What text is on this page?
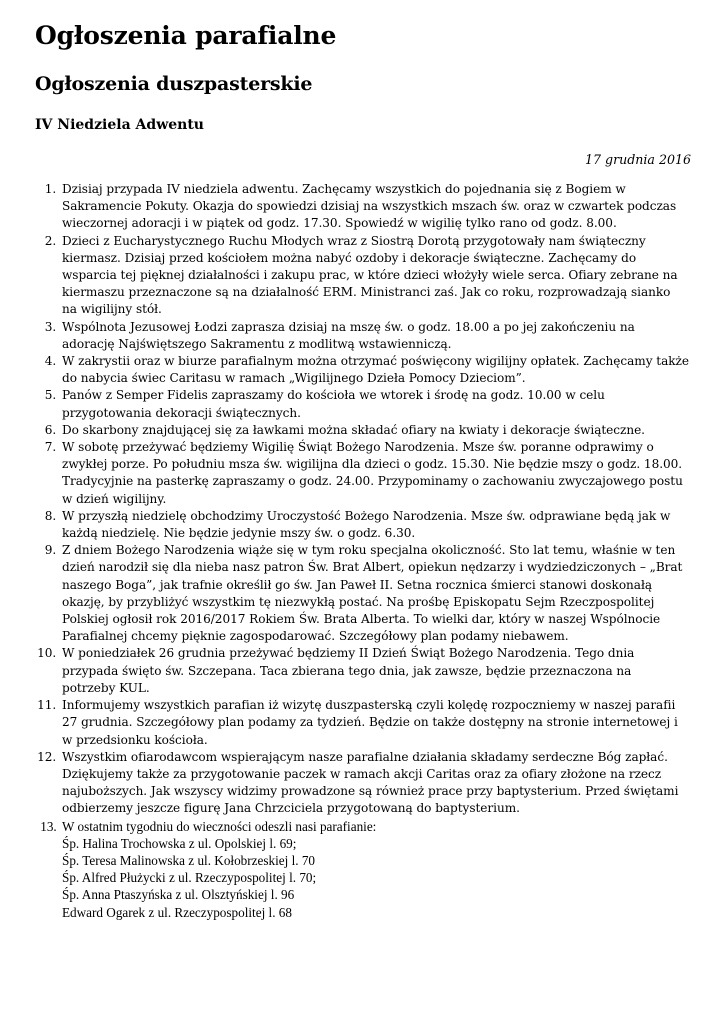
Ogłoszenia parafialne
Ogłoszenia duszpasterskie
IV Niedziela Adwentu
17 grudnia 2016
1. Dzisiaj przypada IV niedziela adwentu. Zachęcamy wszystkich do pojednania się z Bogiem w
Sakramencie Pokuty. Okazja do spowiedzi dzisiaj na wszystkich mszach św. oraz w czwartek podczas
wieczornej adoracji i w piątek od godz. 17.30. Spowiedź w wigilię tylko rano od godz. 8.00.
2. Dzieci z Eucharystycznego Ruchu Młodych wraz z Siostrą Dorotą przygotowały nam świąteczny
kiermasz. Dzisiaj przed kościołem można nabyć ozdoby i dekoracje świąteczne. Zachęcamy do
wsparcia tej pięknej działalności i zakupu prac, w które dzieci włożyły wiele serca. Ofiary zebrane na
kiermaszu przeznaczone są na działalność ERM. Ministranci zaś. Jak co roku, rozprowadzają sianko
na wigilijny stół.
3. Wspólnota Jezusowej Łodzi zaprasza dzisiaj na mszę św. o godz. 18.00 a po jej zakończeniu na
adorację Najświętszego Sakramentu z modlitwą wstawienniczą.
4. W zakrystii oraz w biurze parafialnym można otrzymać poświęcony wigilijny opłatek. Zachęcamy także
do nabycia świec Caritasu w ramach „Wigilijnego Dzieła Pomocy Dzieciom”.
5. Panów z Semper Fidelis zapraszamy do kościoła we wtorek i środę na godz. 10.00 w celu
przygotowania dekoracji świątecznych.
6. Do skarbony znajdującej się za ławkami można składać ofiary na kwiaty i dekoracje świąteczne.
7. W sobotę przeżywać będziemy Wigilię Świąt Bożego Narodzenia. Msze św. poranne odprawimy o
zwykłej porze. Po południu msza św. wigilijna dla dzieci o godz. 15.30. Nie będzie mszy o godz. 18.00.
Tradycyjnie na pasterkę zapraszamy o godz. 24.00. Przypominamy o zachowaniu zwyczajowego postu
w dzień wigilijny.
8. W przyszłą niedzielę obchodzimy Uroczystość Bożego Narodzenia. Msze św. odprawiane będą jak w
każdą niedzielę. Nie będzie jedynie mszy św. o godz. 6.30.
9. Z dniem Bożego Narodzenia wiąże się w tym roku specjalna okoliczność. Sto lat temu, właśnie w ten
dzień narodził się dla nieba nasz patron Św. Brat Albert, opiekun nędzarzy i wydziedziczonych – „Brat
naszego Boga”, jak trafnie określił go św. Jan Paweł II. Setna rocznica śmierci stanowi doskonałą
okazję, by przybliżyć wszystkim tę niezwykłą postać. Na prośbę Episkopatu Sejm Rzeczpospolitej
Polskiej ogłosił rok 2016/2017 Rokiem Św. Brata Alberta. To wielki dar, który w naszej Wspólnocie
Parafialnej chcemy pięknie zagospodarować. Szczegółowy plan podamy niebawem.
10. W poniedziałek 26 grudnia przeżywać będziemy II Dzień Świąt Bożego Narodzenia. Tego dnia
przypada święto św. Szczepana. Taca zbierana tego dnia, jak zawsze, będzie przeznaczona na
potrzeby KUL.
11. Informujemy wszystkich parafian iż wizytę duszpasterską czyli kolędę rozpoczniemy w naszej parafii
27 grudnia. Szczegółowy plan podamy za tydzień. Będzie on także dostępny na stronie internetowej i
w przedsionku kościoła.
12. Wszystkim ofiarodawcom wspierającym nasze parafialne działania składamy serdeczne Bóg zapłać.
Dziękujemy także za przygotowanie paczek w ramach akcji Caritas oraz za ofiary złożone na rzecz
najuboższych. Jak wszyscy widzimy prowadzone są również prace przy baptysterium. Przed świętami
odbierzemy jeszcze figurę Jana Chrzciciela przygotowaną do baptysterium.
13. W ostatnim tygodniu do wieczności odeszli nasi parafianie:
Śp. Halina Trochowska z ul. Opolskiej l. 69;
Śp. Teresa Malinowska z ul. Kołobrzeskiej l. 70
Śp. Alfred Płużycki z ul. Rzeczypospolitej l. 70;
Śp. Anna Ptaszyńska z ul. Olsztyńskiej l. 96
Edward Ogarek z ul. Rzeczypospolitej l. 68
